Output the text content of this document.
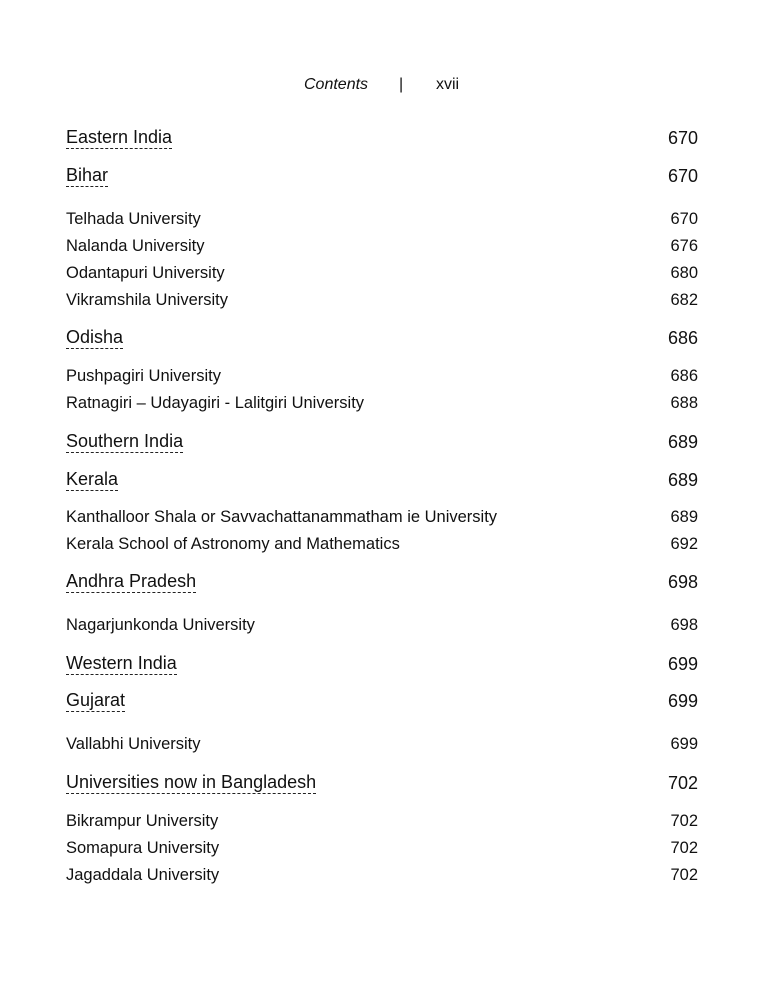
Contents | xvii
Eastern India	670
Bihar	670
Telhada University	670
Nalanda University	676
Odantapuri University	680
Vikramshila University	682
Odisha	686
Pushpagiri University	686
Ratnagiri – Udayagiri - Lalitgiri University	688
Southern India	689
Kerala	689
Kanthalloor Shala or Savvachattanammatham ie University	689
Kerala School of Astronomy and Mathematics	692
Andhra Pradesh	698
Nagarjunkonda University	698
Western India	699
Gujarat	699
Vallabhi University	699
Universities now in Bangladesh	702
Bikrampur University	702
Somapura University	702
Jagaddala University	702
